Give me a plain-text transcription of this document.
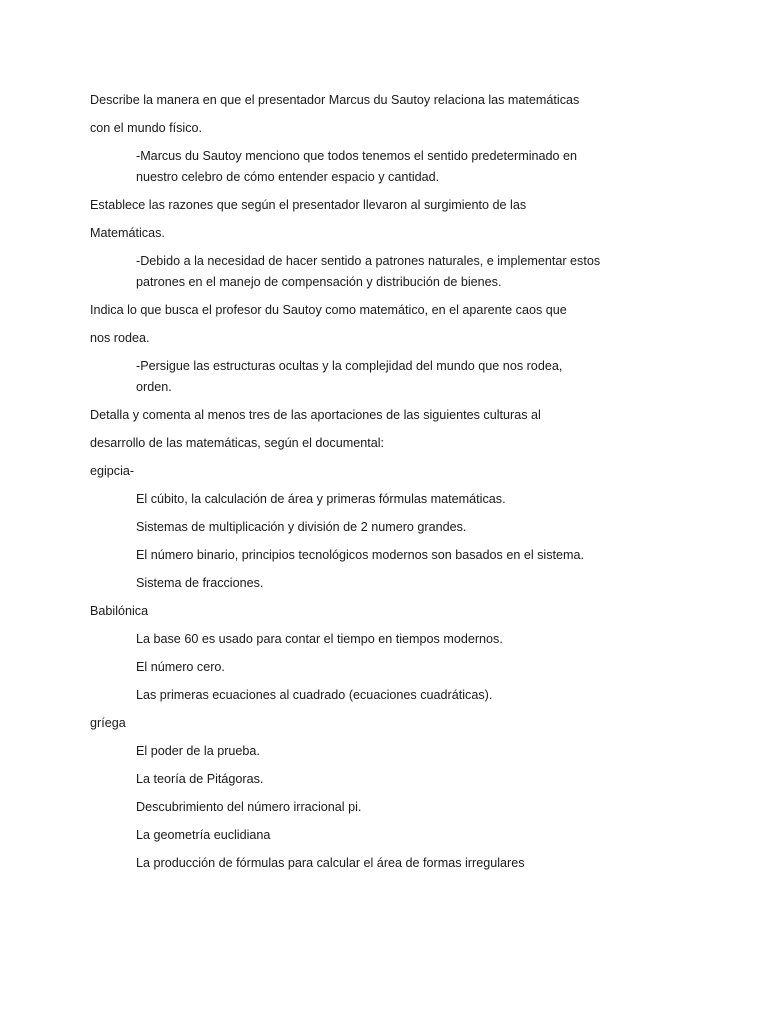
Describe la manera en que el presentador Marcus du Sautoy relaciona las matemáticas

con el mundo físico.

-Marcus du Sautoy menciono que todos tenemos el sentido predeterminado en

nuestro celebro de cómo entender espacio y cantidad.

Establece las razones que según el presentador llevaron al surgimiento de las

Matemáticas.

-Debido a la necesidad de hacer sentido a patrones naturales, e implementar estos

patrones en el manejo de compensación y distribución de bienes.

Indica lo que busca el profesor du Sautoy como matemático, en el aparente caos que

nos rodea.

-Persigue las estructuras ocultas y la complejidad del mundo que nos rodea,

orden.

Detalla y comenta al menos tres de las aportaciones de las siguientes culturas al

desarrollo de las matemáticas, según el documental:

egipcia-

El cúbito, la calculación de área y primeras fórmulas matemáticas.

Sistemas de multiplicación y división de 2 numero grandes.

El número binario, principios tecnológicos modernos son basados en el sistema.

Sistema de fracciones.

Babilónica

La base 60 es usado para contar el tiempo en tiempos modernos.

El número cero.

Las primeras ecuaciones al cuadrado (ecuaciones cuadráticas).

gríega

El poder de la prueba.

La teoría de Pitágoras.

Descubrimiento del número irracional pi.

La geometría euclidiana

La producción de fórmulas para calcular el área de formas irregulares
